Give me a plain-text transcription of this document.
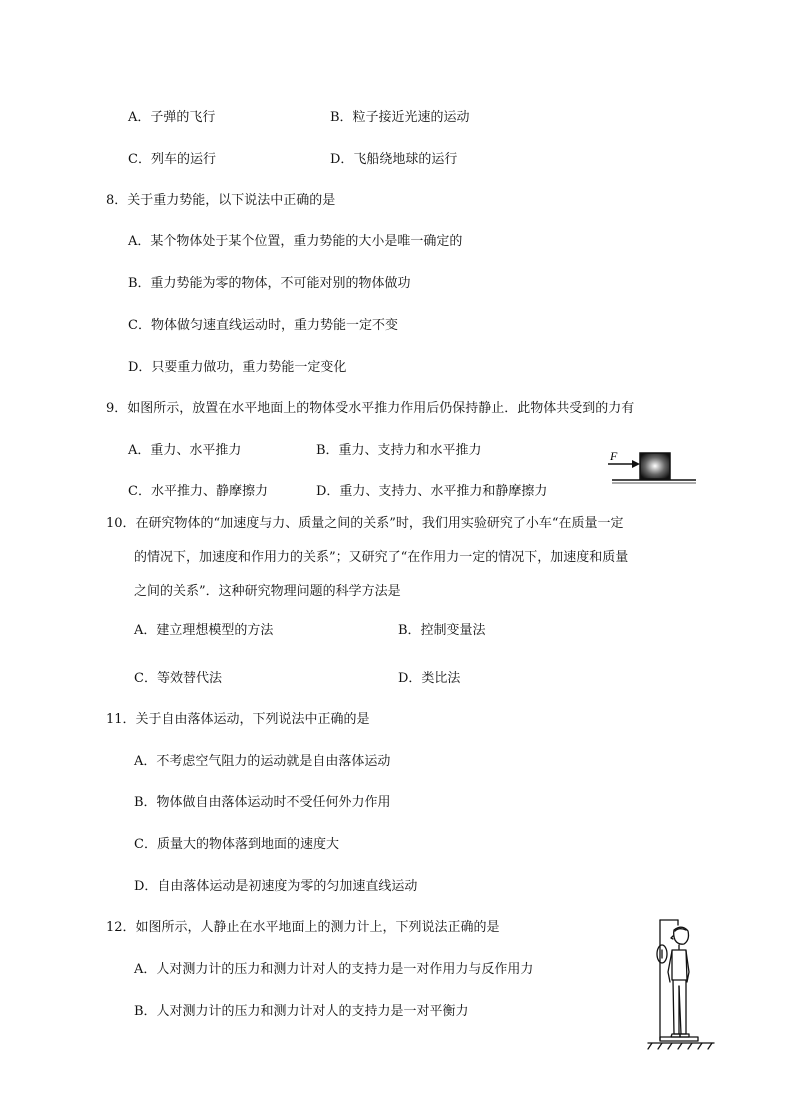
A．子弹的飞行	B．粒子接近光速的运动
C．列车的运行	D．飞船绕地球的运行
8．关于重力势能，以下说法中正确的是
A．某个物体处于某个位置，重力势能的大小是唯一确定的
B．重力势能为零的物体，不可能对别的物体做功
C．物体做匀速直线运动时，重力势能一定不变
D．只要重力做功，重力势能一定变化
9．如图所示，放置在水平地面上的物体受水平推力作用后仍保持静止．此物体共受到的力有
A．重力、水平推力	B．重力、支持力和水平推力
C．水平推力、静摩擦力	D．重力、支持力、水平推力和静摩擦力
F
10．在研究物体的“加速度与力、质量之间的关系”时，我们用实验研究了小车“在质量一定
的情况下，加速度和作用力的关系”；又研究了“在作用力一定的情况下，加速度和质量
之间的关系”．这种研究物理问题的科学方法是
A．建立理想模型的方法	B．控制变量法
C．等效替代法	D．类比法
11．关于自由落体运动，下列说法中正确的是
A．不考虑空气阻力的运动就是自由落体运动
B．物体做自由落体运动时不受任何外力作用
C．质量大的物体落到地面的速度大
D．自由落体运动是初速度为零的匀加速直线运动
12．如图所示，人静止在水平地面上的测力计上，下列说法正确的是
A．人对测力计的压力和测力计对人的支持力是一对作用力与反作用力
B．人对测力计的压力和测力计对人的支持力是一对平衡力
